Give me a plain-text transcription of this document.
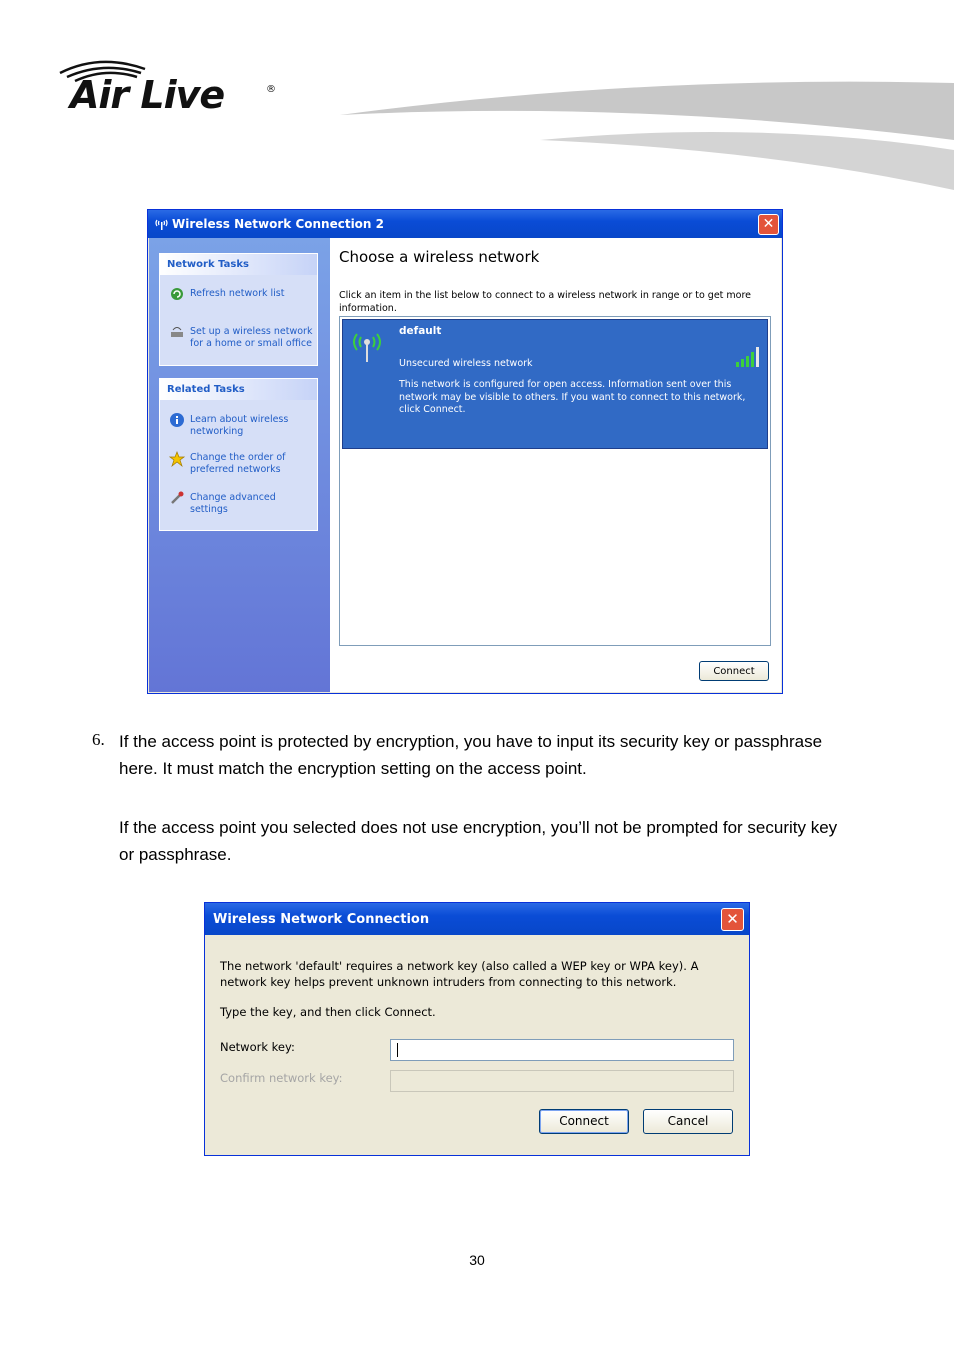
Air Live	®
Wireless Network Connection 2	✕
Network Tasks
Refresh network list
Set up a wireless network for a home or small office
Related Tasks
Learn about wireless networking
Change the order of preferred networks
Change advanced settings
Choose a wireless network
Click an item in the list below to connect to a wireless network in range or to get more information.
default
Unsecured wireless network
This network is configured for open access. Information sent over this network may be visible to others. If you want to connect to this network, click Connect.
Connect
6. If the access point is protected by encryption, you have to input its security key or passphrase here. It must match the encryption setting on the access point.
If the access point you selected does not use encryption, you’ll not be prompted for security key or passphrase.
Wireless Network Connection	✕
The network 'default' requires a network key (also called a WEP key or WPA key). A network key helps prevent unknown intruders from connecting to this network.
Type the key, and then click Connect.
Network key:
Confirm network key:
Connect	Cancel
30
